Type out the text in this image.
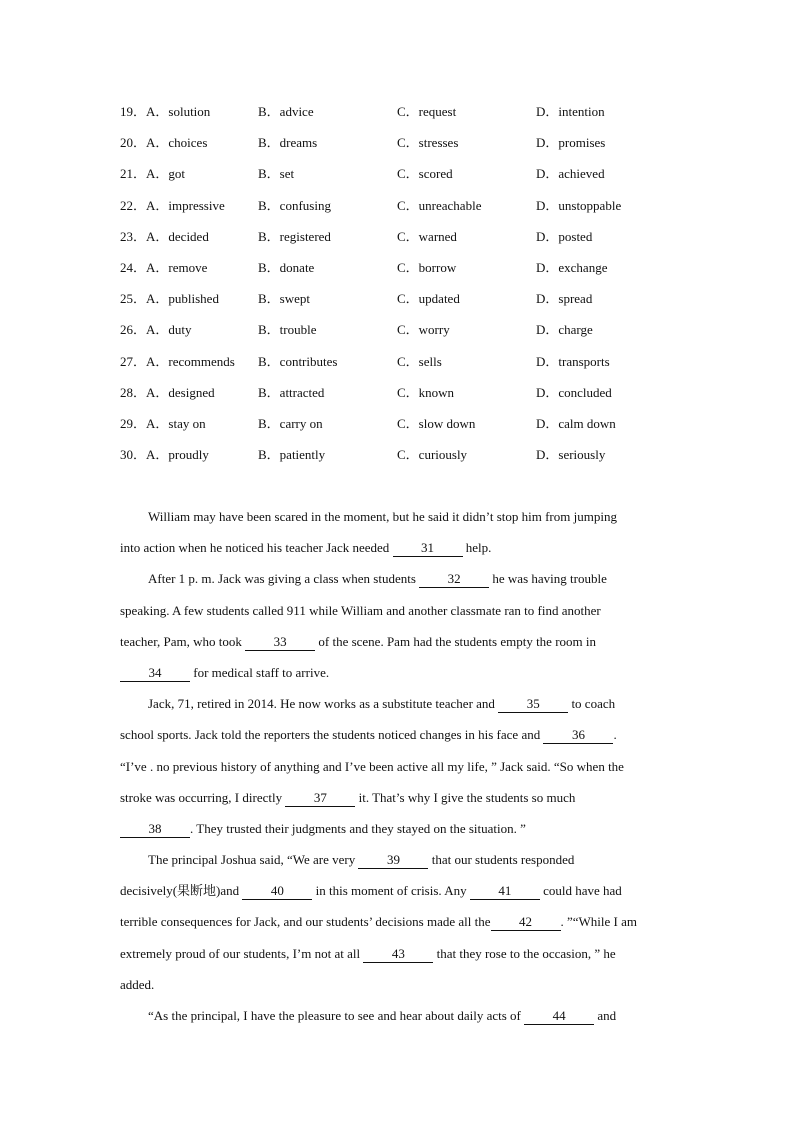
19．A．solution	B．advice	C．request	D．intention
20．A．choices	B．dreams	C．stresses	D．promises
21．A．got	B．set	C．scored	D．achieved
22．A．impressive	B．confusing	C．unreachable	D．unstoppable
23．A．decided	B．registered	C．warned	D．posted
24．A．remove	B．donate	C．borrow	D．exchange
25．A．published	B．swept	C．updated	D．spread
26．A．duty	B．trouble	C．worry	D．charge
27．A．recommends B．contributes	C．sells	D．transports
28．A．designed	B．attracted	C．known	D．concluded
29．A．stay on	B．carry on	C．slow down	D．calm down
30．A．proudly	B．patiently	C．curiously	D．seriously
William may have been scared in the moment, but he said it didn’t stop him from jumping
into action when he noticed his teacher Jack needed 31 help.
After 1 p. m. Jack was giving a class when students 32 he was having trouble
speaking. A few students called 911 while William and another classmate ran to find another
teacher, Pam, who took 33 of the scene. Pam had the students empty the room in
34 for medical staff to arrive.
Jack, 71, retired in 2014. He now works as a substitute teacher and 35 to coach
school sports. Jack told the reporters the students noticed changes in his face and 36 .
“I’ve . no previous history of anything and I’ve been active all my life, ” Jack said. “So when the
stroke was occurring, I directly 37 it. That’s why I give the students so much
38 . They trusted their judgments and they stayed on the situation. ”
The principal Joshua said, “We are very 39 that our students responded
decisively(果断地)and 40 in this moment of crisis. Any 41 could have had
terrible consequences for Jack, and our students’ decisions made all the 42 . ”“While I am
extremely proud of our students, I’m not at all 43 that they rose to the occasion, ” he
added.
“As the principal, I have the pleasure to see and hear about daily acts of 44 and
